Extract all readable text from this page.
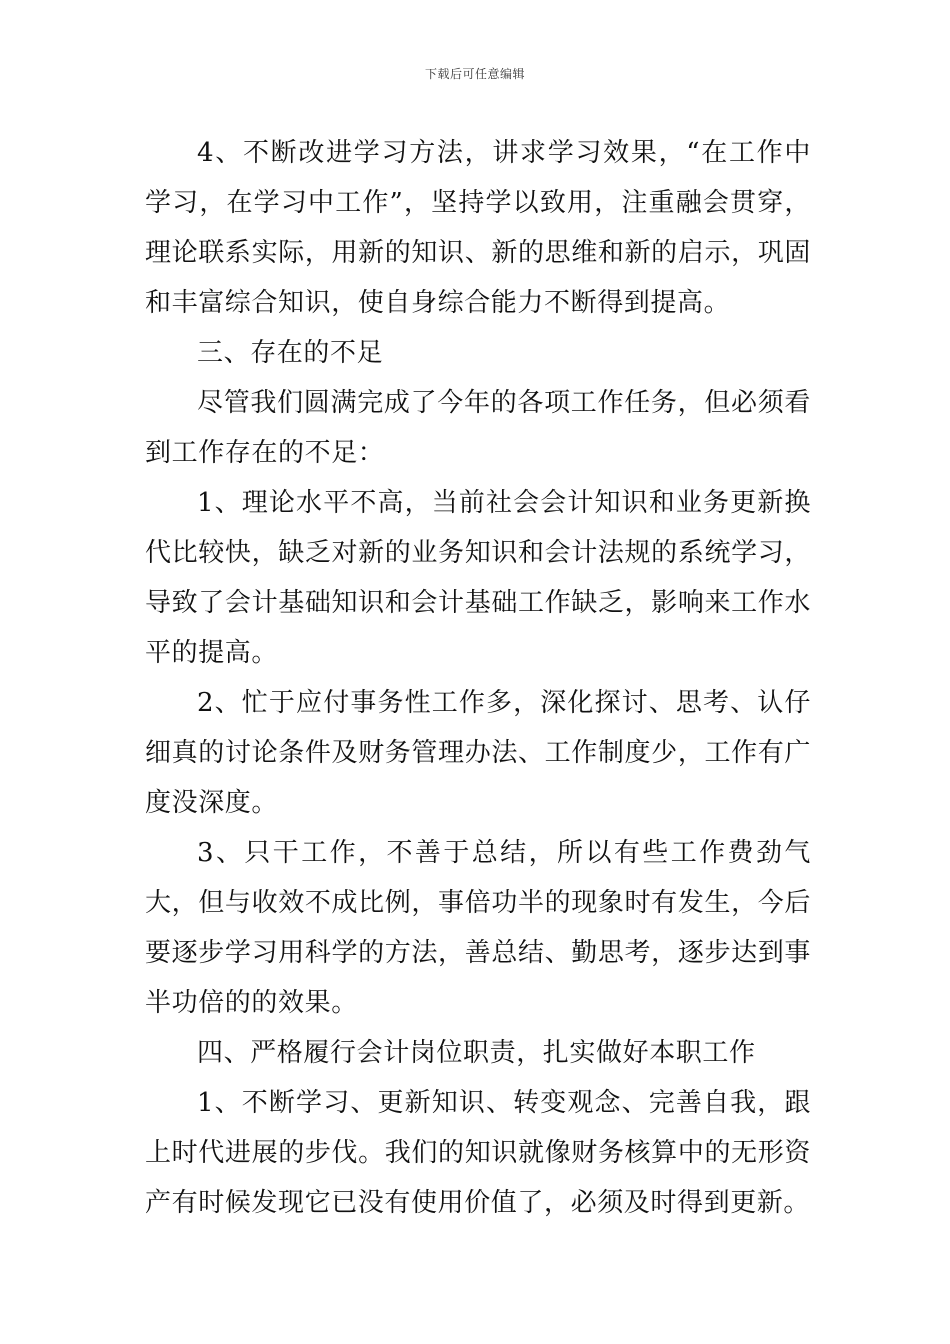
下载后可任意编辑

4、不断改进学习方法，讲求学习效果，“在工作中学习，在学习中工作”，坚持学以致用，注重融会贯穿，理论联系实际，用新的知识、新的思维和新的启示，巩固和丰富综合知识，使自身综合能力不断得到提高。

三、存在的不足

尽管我们圆满完成了今年的各项工作任务，但必须看到工作存在的不足：

1、理论水平不高，当前社会会计知识和业务更新换代比较快，缺乏对新的业务知识和会计法规的系统学习，导致了会计基础知识和会计基础工作缺乏，影响来工作水平的提高。

2、忙于应付事务性工作多，深化探讨、思考、认仔细真的讨论条件及财务管理办法、工作制度少，工作有广度没深度。

3、只干工作，不善于总结，所以有些工作费劲气大，但与收效不成比例，事倍功半的现象时有发生，今后要逐步学习用科学的方法，善总结、勤思考，逐步达到事半功倍的的效果。

四、严格履行会计岗位职责，扎实做好本职工作

1、不断学习、更新知识、转变观念、完善自我，跟上时代进展的步伐。我们的知识就像财务核算中的无形资产有时候发现它已没有使用价值了，必须及时得到更新。
